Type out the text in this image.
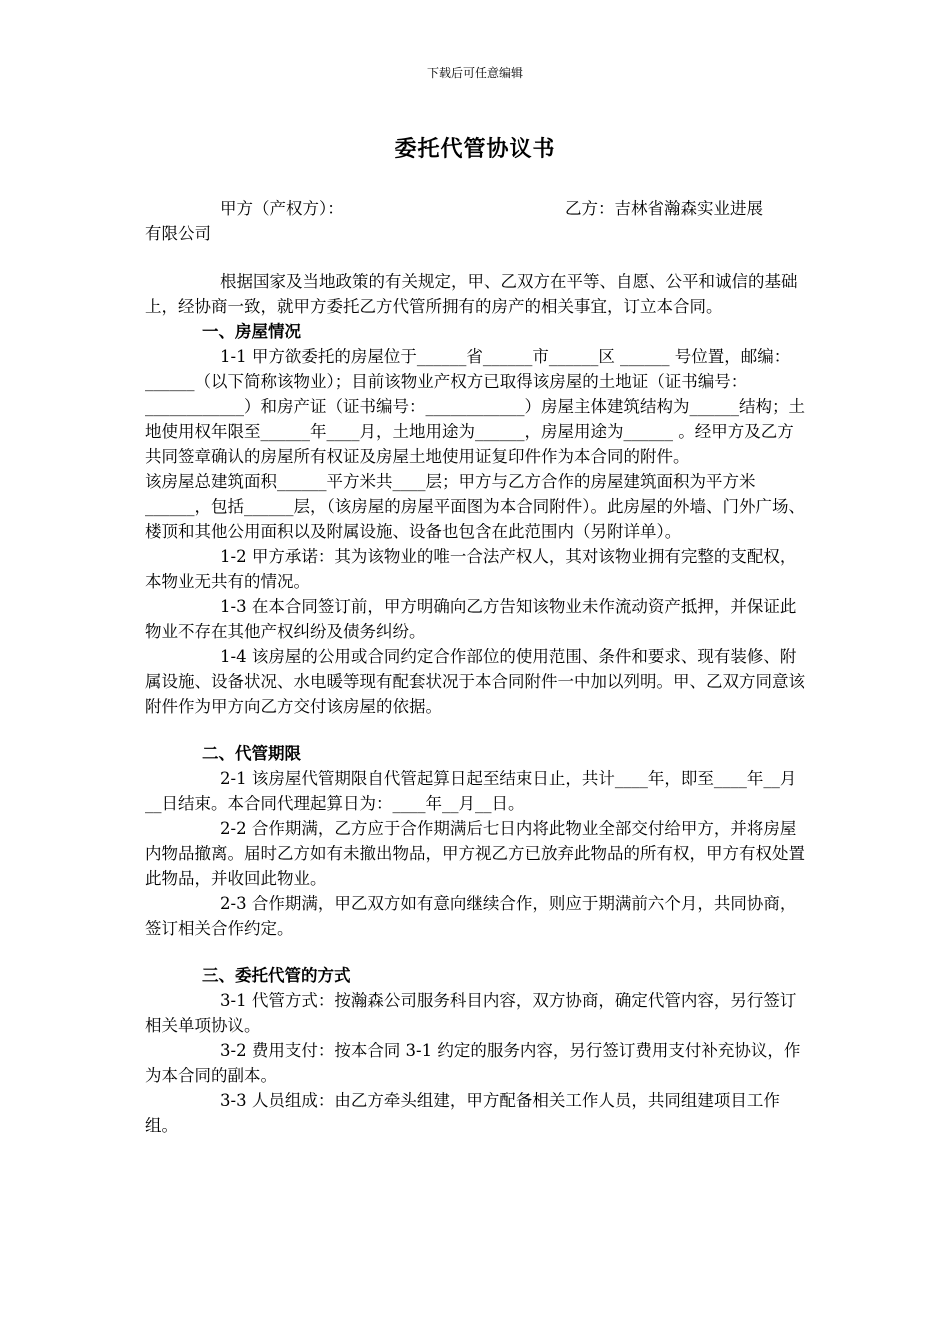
下载后可任意编辑
委托代管协议书
甲方（产权方）：	乙方：吉林省瀚森实业进展

有限公司

根据国家及当地政策的有关规定，甲、乙双方在平等、自愿、公平和诚信的基础上，经协商一致，就甲方委托乙方代管所拥有的房产的相关事宜，订立本合同。

一、房屋情况

1-1 甲方欲委托的房屋位于______省______市______区 ______ 号位置，邮编：______（以下简称该物业）；目前该物业产权方已取得该房屋的土地证（证书编号：____________）和房产证（证书编号：____________）房屋主体建筑结构为______结构；土地使用权年限至______年____月，土地用途为______，房屋用途为______ 。经甲方及乙方共同签章确认的房屋所有权证及房屋土地使用证复印件作为本合同的附件。

该房屋总建筑面积______平方米共____层；甲方与乙方合作的房屋建筑面积为平方米______，包括______层，（该房屋的房屋平面图为本合同附件）。此房屋的外墙、门外广场、楼顶和其他公用面积以及附属设施、设备也包含在此范围内（另附详单）。

1-2 甲方承诺：其为该物业的唯一合法产权人，其对该物业拥有完整的支配权，本物业无共有的情况。

1-3 在本合同签订前，甲方明确向乙方告知该物业未作流动资产抵押，并保证此物业不存在其他产权纠纷及债务纠纷。

1-4 该房屋的公用或合同约定合作部位的使用范围、条件和要求、现有装修、附属设施、设备状况、水电暖等现有配套状况于本合同附件一中加以列明。甲、乙双方同意该附件作为甲方向乙方交付该房屋的依据。

二、代管期限

2-1 该房屋代管期限自代管起算日起至结束日止，共计____年，即至____年__月__日结束。本合同代理起算日为：____年__月__日。

2-2 合作期满，乙方应于合作期满后七日内将此物业全部交付给甲方，并将房屋内物品撤离。届时乙方如有未撤出物品，甲方视乙方已放弃此物品的所有权，甲方有权处置此物品，并收回此物业。

2-3 合作期满，甲乙双方如有意向继续合作，则应于期满前六个月，共同协商，签订相关合作约定。

三、委托代管的方式

3-1 代管方式：按瀚森公司服务科目内容，双方协商，确定代管内容，另行签订相关单项协议。

3-2 费用支付：按本合同 3-1 约定的服务内容，另行签订费用支付补充协议，作为本合同的副本。

3-3 人员组成：由乙方牵头组建，甲方配备相关工作人员，共同组建项目工作组。
